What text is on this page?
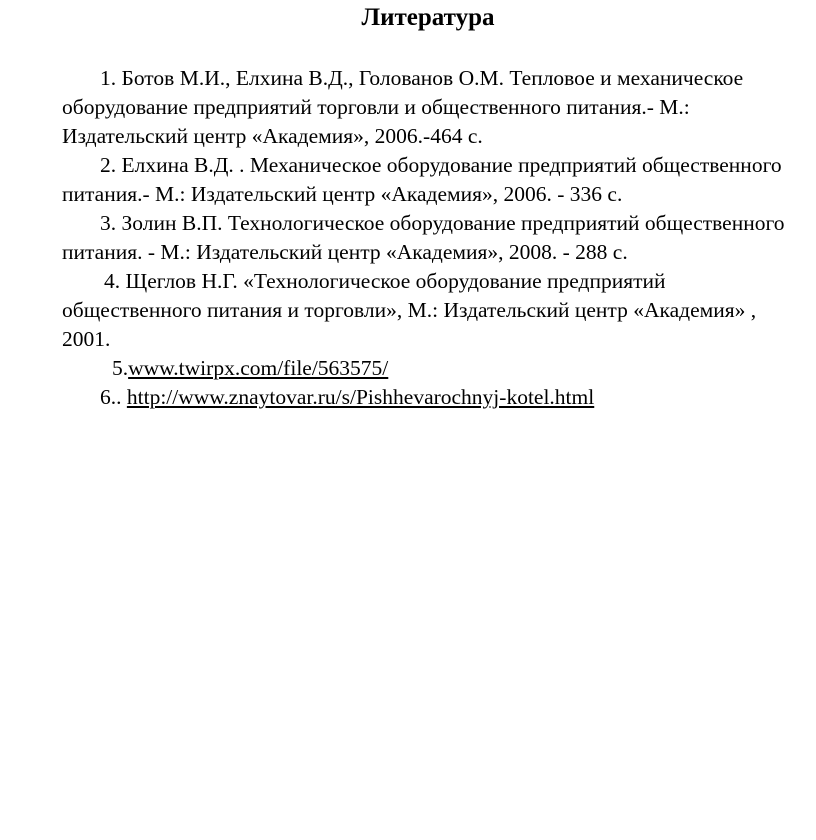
Литература

1. Ботов М.И., Елхина В.Д., Голованов О.М. Тепловое и механическое оборудование предприятий торговли и общественного питания.- М.: Издательский центр «Академия», 2006.-464 с.

2. Елхина В.Д. . Механическое оборудование предприятий общественного питания.- М.: Издательский центр «Академия», 2006. - 336 с.

3. Золин В.П. Технологическое оборудование предприятий общественного питания. - М.: Издательский центр «Академия», 2008. - 288 с.

4. Щеглов Н.Г. «Технологическое оборудование предприятий общественного питания и торговли», М.: Издательский центр «Академия» , 2001.

5.www.twirpx.com/file/563575/

6.. http://www.znaytovar.ru/s/Pishhevarochnyj-kotel.html
